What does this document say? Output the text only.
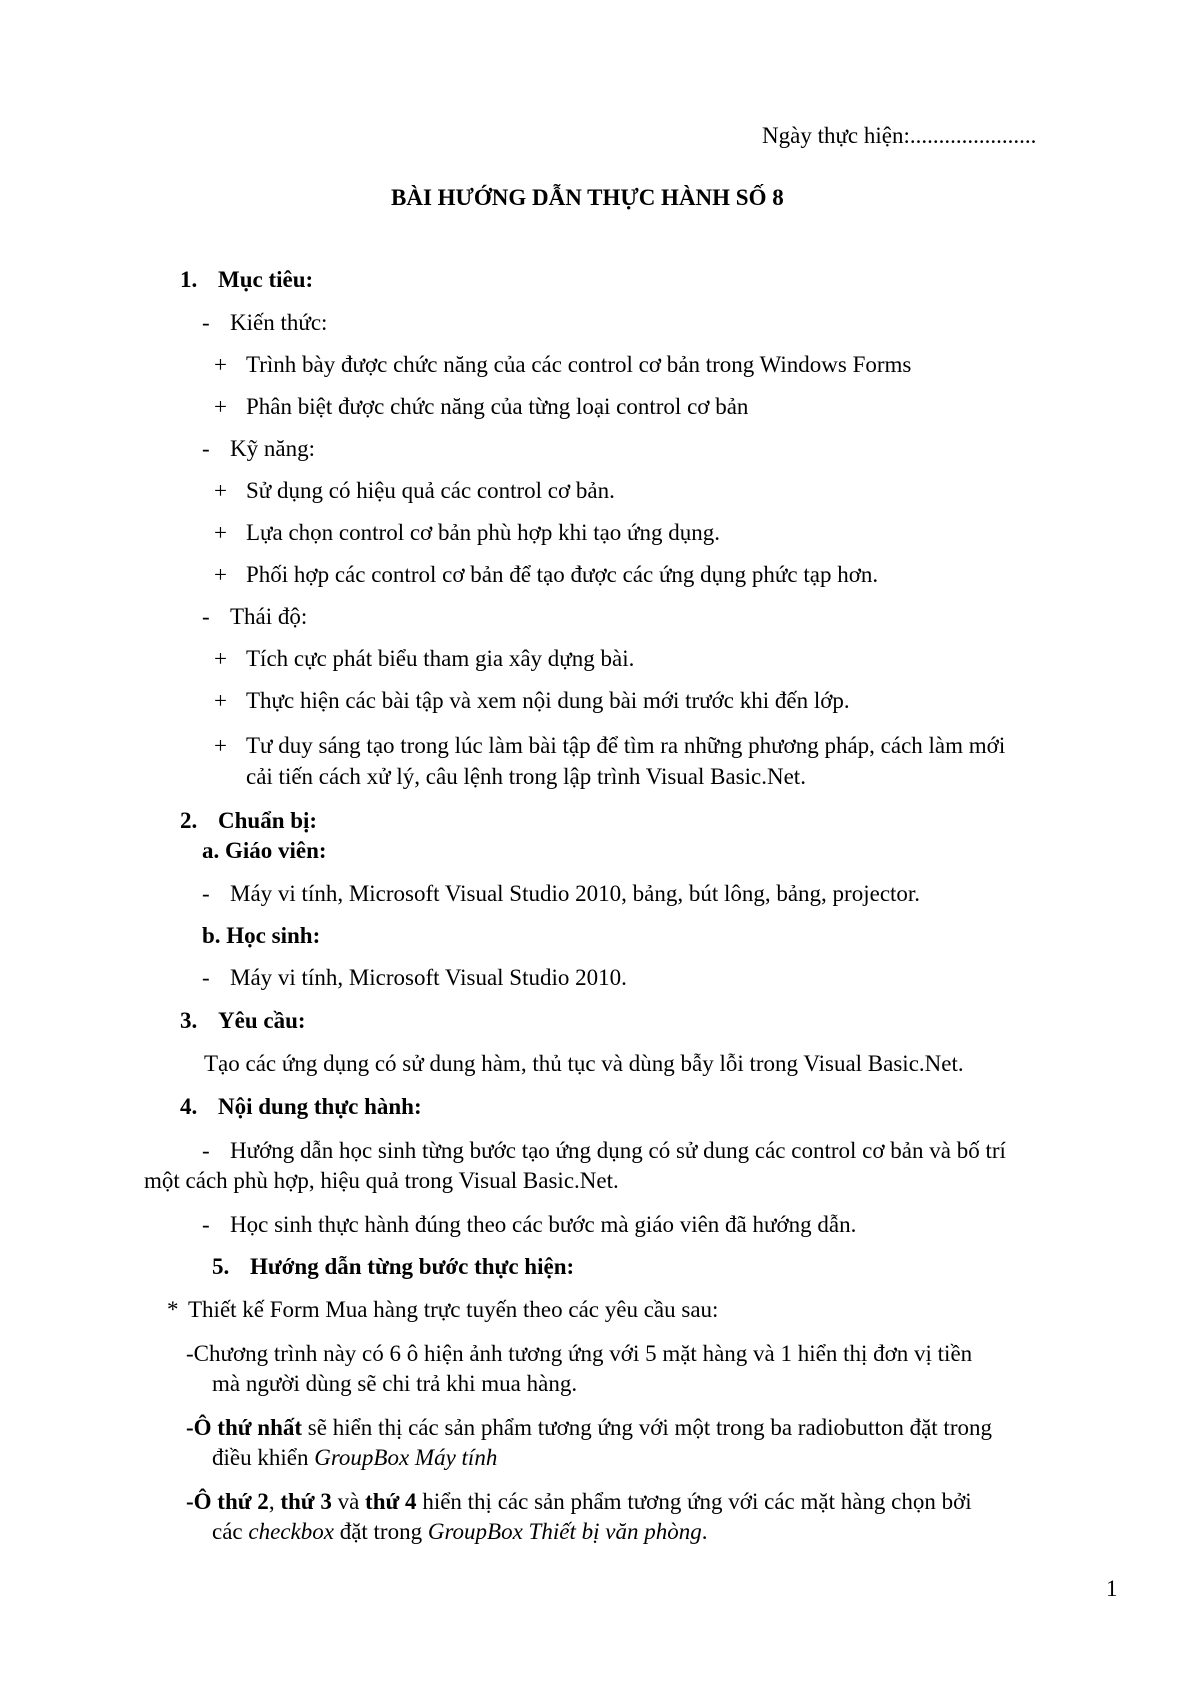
Ngày thực hiện:......................
BÀI HƯỚNG DẪN THỰC HÀNH SỐ 8
1. Mục tiêu:
- Kiến thức:
+ Trình bày được chức năng của các control cơ bản trong Windows Forms
+ Phân biệt được chức năng của từng loại control cơ bản
- Kỹ năng:
+ Sử dụng có hiệu quả các control cơ bản.
+ Lựa chọn control cơ bản phù hợp khi tạo ứng dụng.
+ Phối hợp các control cơ bản để tạo được các ứng dụng phức tạp hơn.
- Thái độ:
+ Tích cực phát biểu tham gia xây dựng bài.
+ Thực hiện các bài tập và xem nội dung bài mới trước khi đến lớp.
+ Tư duy sáng tạo trong lúc làm bài tập để tìm ra những phương pháp, cách làm mới
cải tiến cách xử lý, câu lệnh trong lập trình Visual Basic.Net.
2. Chuẩn bị:
a. Giáo viên:
- Máy vi tính, Microsoft Visual Studio 2010, bảng, bút lông, bảng, projector.
b. Học sinh:
- Máy vi tính, Microsoft Visual Studio 2010.
3. Yêu cầu:
Tạo các ứng dụng có sử dung hàm, thủ tục và dùng bẫy lỗi trong Visual Basic.Net.
4. Nội dung thực hành:
- Hướng dẫn học sinh từng bước tạo ứng dụng có sử dung các control cơ bản và bố trí
một cách phù hợp, hiệu quả trong Visual Basic.Net.
- Học sinh thực hành đúng theo các bước mà giáo viên đã hướng dẫn.
5. Hướng dẫn từng bước thực hiện:
* Thiết kế Form Mua hàng trực tuyến theo các yêu cầu sau:
-Chương trình này có 6 ô hiện ảnh tương ứng với 5 mặt hàng và 1 hiển thị đơn vị tiền
mà người dùng sẽ chi trả khi mua hàng.
-Ô thứ nhất sẽ hiển thị các sản phẩm tương ứng với một trong ba radiobutton đặt trong
điều khiển GroupBox Máy tính
-Ô thứ 2, thứ 3 và thứ 4 hiển thị các sản phẩm tương ứng với các mặt hàng chọn bởi
các checkbox đặt trong GroupBox Thiết bị văn phòng.
1
